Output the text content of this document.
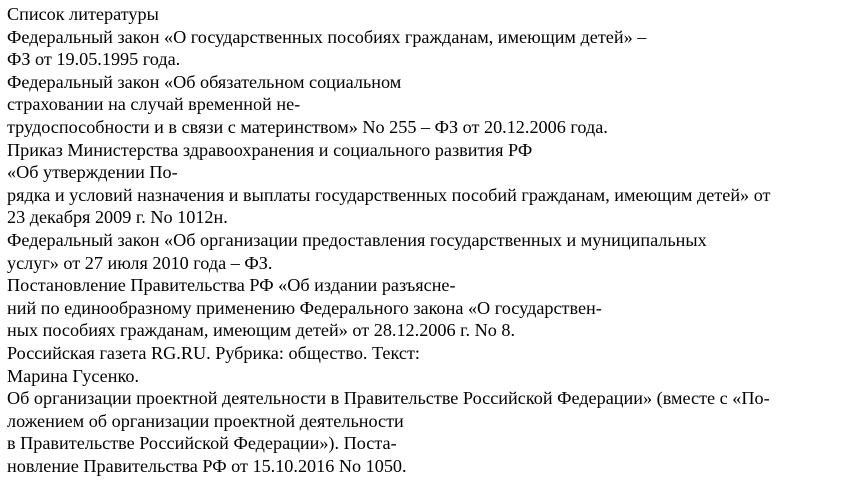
Список литературы
Федеральный закон «О государственных пособиях гражданам, имеющим детей» –
ФЗ от 19.05.1995 года.
Федеральный закон «Об обязательном социальном
страховании на случай временной не-
трудоспособности и в связи с материнством» No 255 – ФЗ от 20.12.2006 года.
Приказ Министерства здравоохранения и социального развития РФ
«Об утверждении По-
рядка и условий назначения и выплаты государственных пособий гражданам, имеющим детей» от
23 декабря 2009 г. No 1012н.
Федеральный закон «Об организации предоставления государственных и муниципальных
услуг» от 27 июля 2010 года – ФЗ.
Постановление Правительства РФ «Об издании разъясне-
ний по единообразному применению Федерального закона «О государствен-
ных пособиях гражданам, имеющим детей» от 28.12.2006 г. No 8.
Российская газета RG.RU. Рубрика: общество. Текст:
Марина Гусенко.
Об организации проектной деятельности в Правительстве Российской Федерации» (вместе с «По-
ложением об организации проектной деятельности
в Правительстве Российской Федерации»). Поста-
новление Правительства РФ от 15.10.2016 No 1050.
